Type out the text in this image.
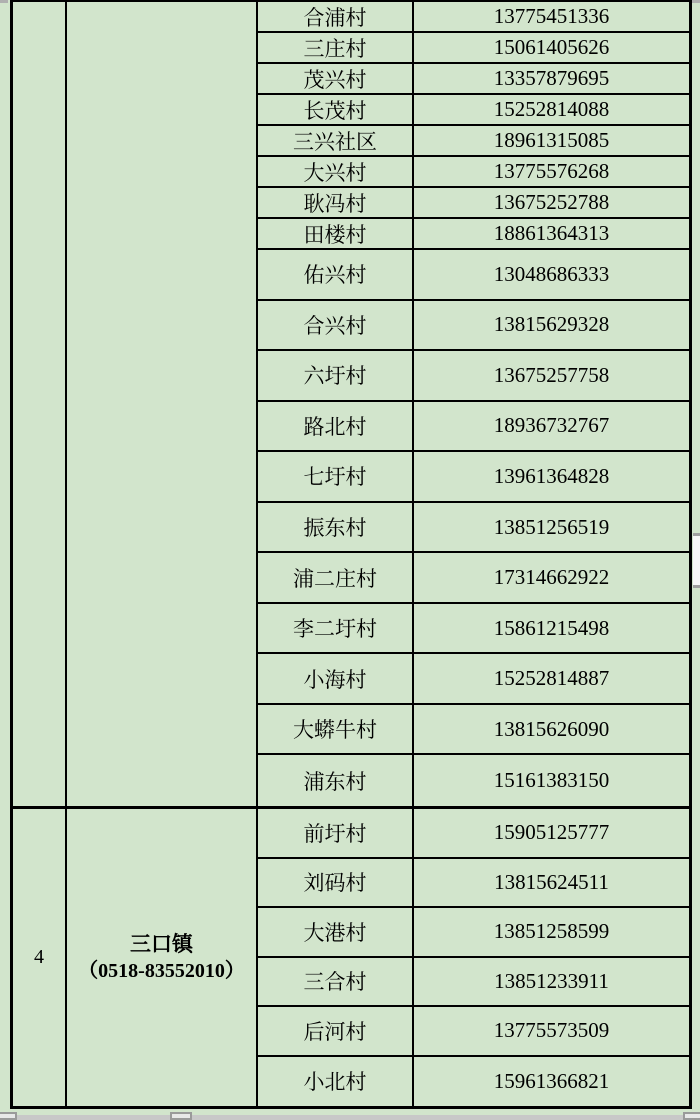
合浦村	13775451336
三庄村	15061405626
茂兴村	13357879695
长茂村	15252814088
三兴社区	18961315085
大兴村	13775576268
耿冯村	13675252788
田楼村	18861364313
佑兴村	13048686333
合兴村	13815629328
六圩村	13675257758
路北村	18936732767
七圩村	13961364828
振东村	13851256519
浦二庄村	17314662922
李二圩村	15861215498
小海村	15252814887
大蟒牛村	13815626090
浦东村	15161383150
4
三口镇
（0518-83552010）
前圩村	15905125777
刘码村	13815624511
大港村	13851258599
三合村	13851233911
后河村	13775573509
小北村	15961366821
